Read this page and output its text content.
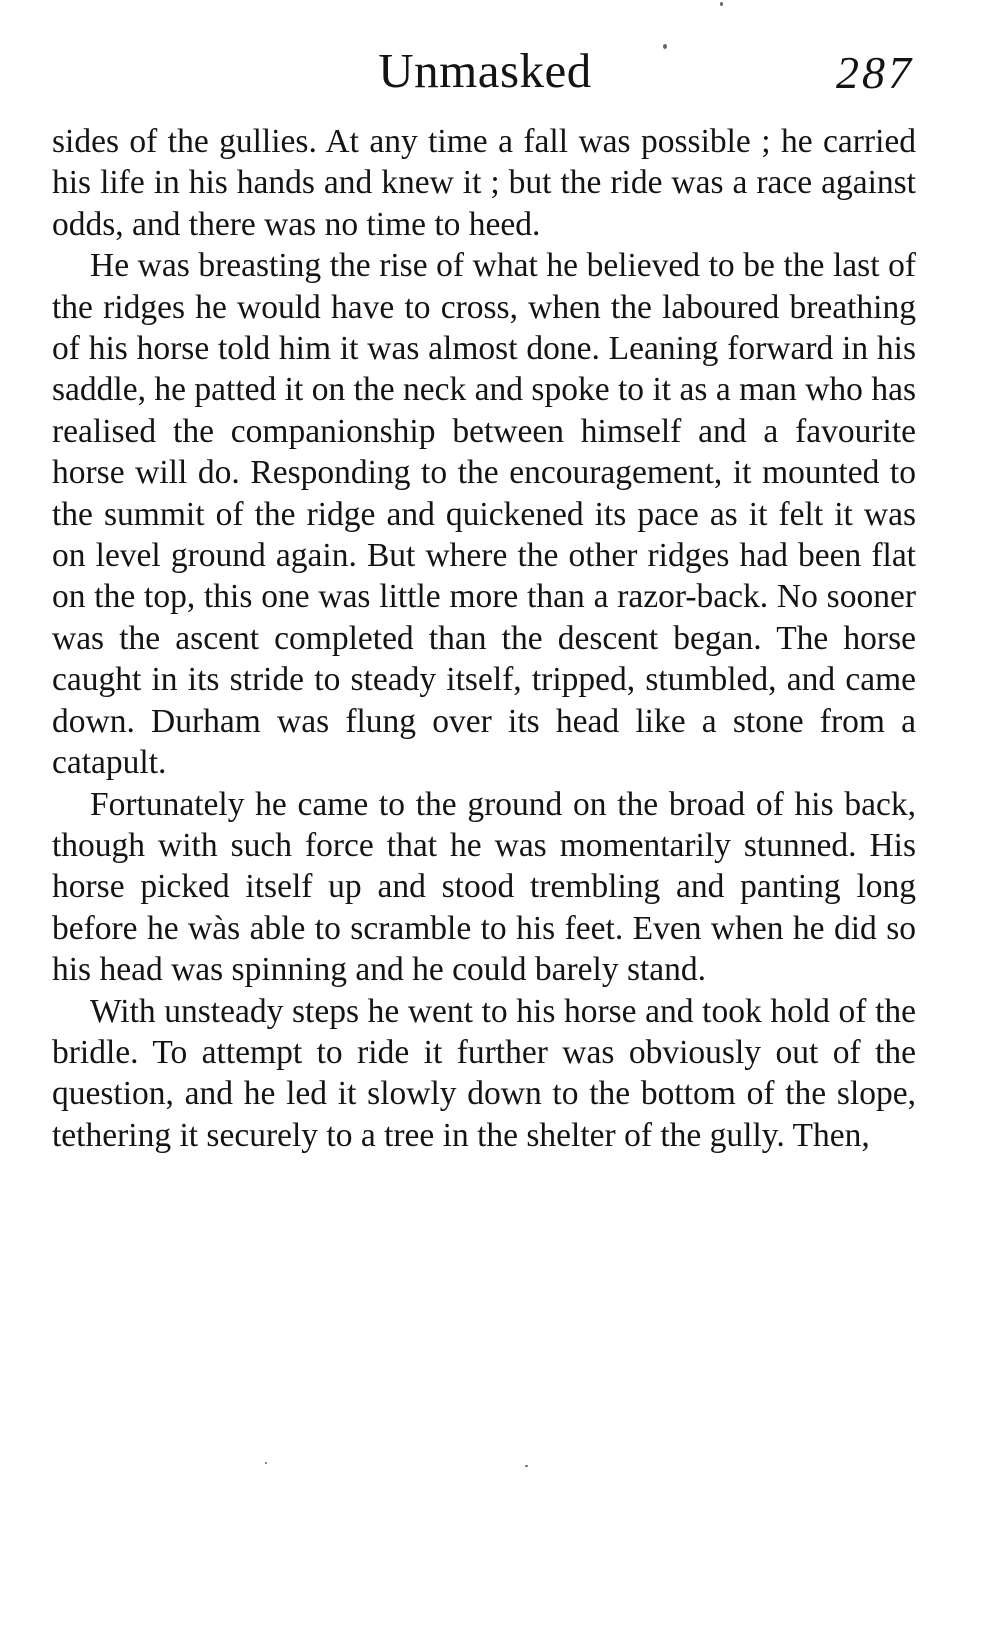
Unmasked	287

sides of the gullies. At any time a fall was possible ; he carried his life in his hands and knew it ; but the ride was a race against odds, and there was no time to heed.

He was breasting the rise of what he believed to be the last of the ridges he would have to cross, when the laboured breathing of his horse told him it was almost done. Leaning forward in his saddle, he patted it on the neck and spoke to it as a man who has realised the companionship between himself and a favourite horse will do. Responding to the encouragement, it mounted to the summit of the ridge and quickened its pace as it felt it was on level ground again. But where the other ridges had been flat on the top, this one was little more than a razor-back. No sooner was the ascent completed than the descent began. The horse caught in its stride to steady itself, tripped, stumbled, and came down. Durham was flung over its head like a stone from a catapult.

Fortunately he came to the ground on the broad of his back, though with such force that he was momentarily stunned. His horse picked itself up and stood trembling and panting long before he wàs able to scramble to his feet. Even when he did so his head was spinning and he could barely stand.

With unsteady steps he went to his horse and took hold of the bridle. To attempt to ride it further was obviously out of the question, and he led it slowly down to the bottom of the slope, tethering it securely to a tree in the shelter of the gully. Then,
